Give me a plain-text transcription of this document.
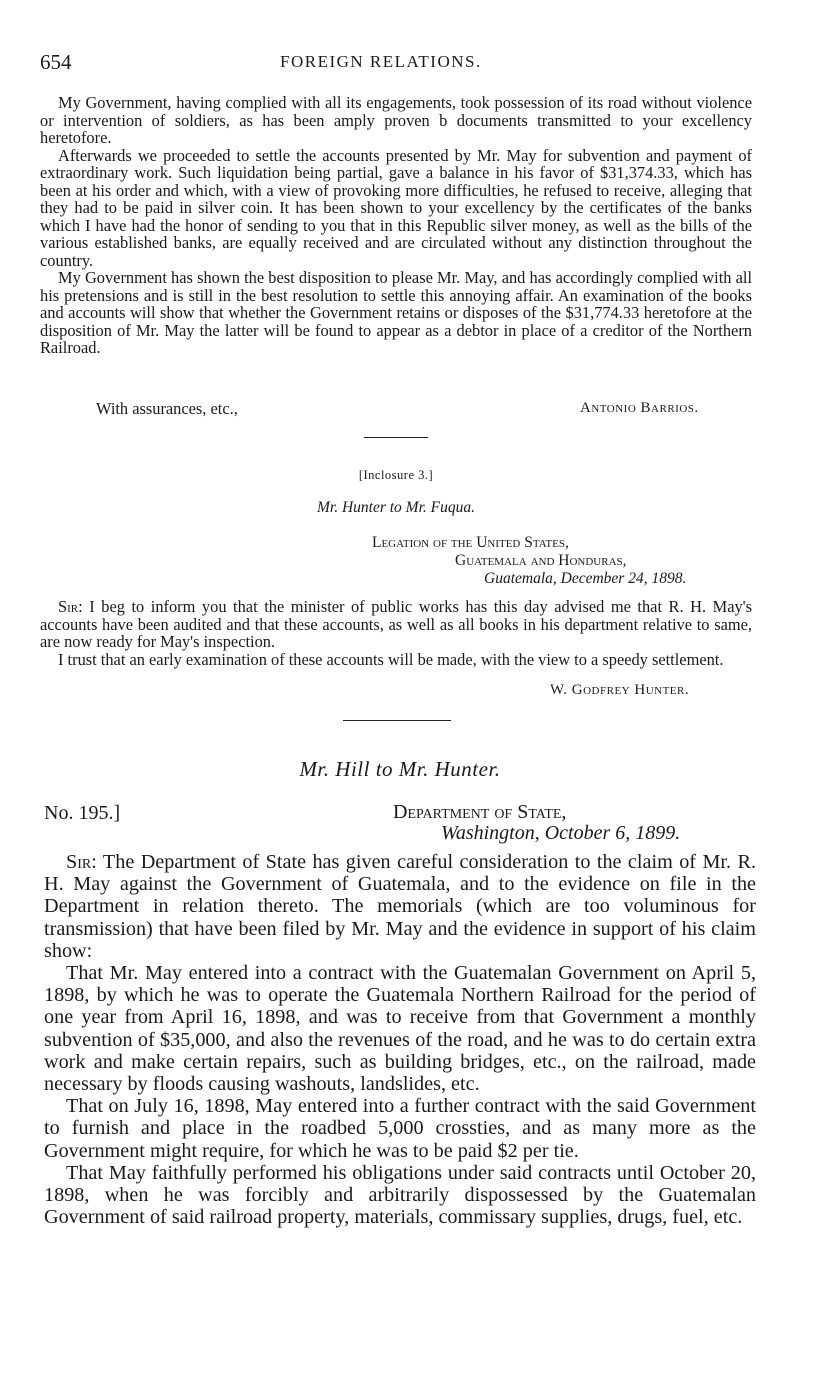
654	FOREIGN RELATIONS.

My Government, having complied with all its engagements, took possession of its road without violence or intervention of soldiers, as has been amply proven b documents transmitted to your excellency heretofore.

Afterwards we proceeded to settle the accounts presented by Mr. May for subvention and payment of extraordinary work. Such liquidation being partial, gave a balance in his favor of $31,374.33, which has been at his order and which, with a view of provoking more difficulties, he refused to receive, alleging that they had to be paid in silver coin. It has been shown to your excellency by the certificates of the banks which I have had the honor of sending to you that in this Republic silver money, as well as the bills of the various established banks, are equally received and are circulated without any distinction throughout the country.

My Government has shown the best disposition to please Mr. May, and has accordingly complied with all his pretensions and is still in the best resolution to settle this annoying affair. An examination of the books and accounts will show that whether the Government retains or disposes of the $31,774.33 heretofore at the disposition of Mr. May the latter will be found to appear as a debtor in place of a creditor of the Northern Railroad.

With assurances, etc.,	Antonio Barrios.
[Inclosure 3.]
Mr. Hunter to Mr. Fuqua.
Legation of the United States,
Guatemala and Honduras,
Guatemala, December 24, 1898.

Sir: I beg to inform you that the minister of public works has this day advised me that R. H. May's accounts have been audited and that these accounts, as well as all books in his department relative to same, are now ready for May's inspection.

I trust that an early examination of these accounts will be made, with the view to a speedy settlement.

W. Godfrey Hunter.
Mr. Hill to Mr. Hunter.
No. 195.]	Department of State,
Washington, October 6, 1899.

Sir: The Department of State has given careful consideration to the claim of Mr. R. H. May against the Government of Guatemala, and to the evidence on file in the Department in relation thereto. The memorials (which are too voluminous for transmission) that have been filed by Mr. May and the evidence in support of his claim show:

That Mr. May entered into a contract with the Guatemalan Government on April 5, 1898, by which he was to operate the Guatemala Northern Railroad for the period of one year from April 16, 1898, and was to receive from that Government a monthly subvention of $35,000, and also the revenues of the road, and he was to do certain extra work and make certain repairs, such as building bridges, etc., on the railroad, made necessary by floods causing washouts, landslides, etc.

That on July 16, 1898, May entered into a further contract with the said Government to furnish and place in the roadbed 5,000 crossties, and as many more as the Government might require, for which he was to be paid $2 per tie.

That May faithfully performed his obligations under said contracts until October 20, 1898, when he was forcibly and arbitrarily dispossessed by the Guatemalan Government of said railroad property, materials, commissary supplies, drugs, fuel, etc.
